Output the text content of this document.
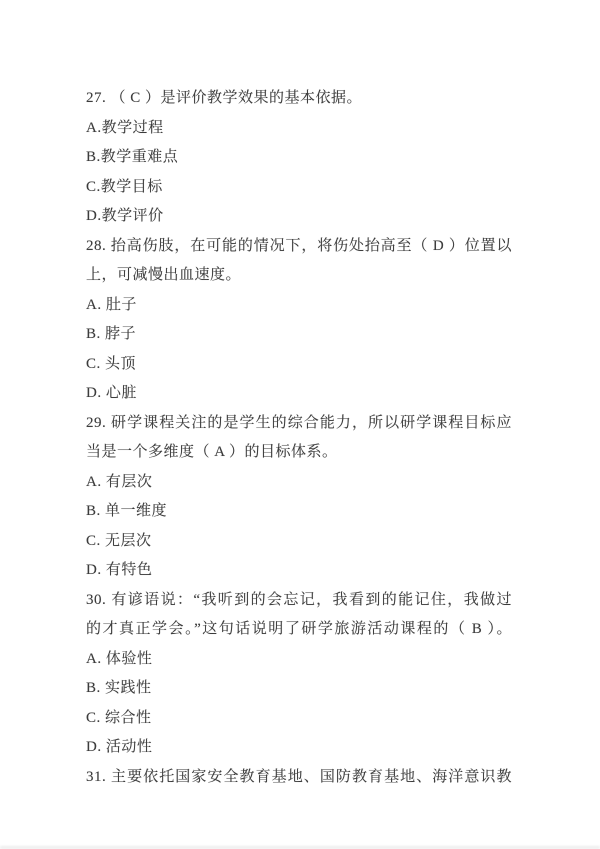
27. （ C ）是评价教学效果的基本依据。
A.教学过程
B.教学重难点
C.教学目标
D.教学评价
28. 抬高伤肢，在可能的情况下，将伤处抬高至（ D ）位置以
上，可减慢出血速度。
A. 肚子
B. 脖子
C. 头顶
D. 心脏
29. 研学课程关注的是学生的综合能力，所以研学课程目标应
当是一个多维度（ A ）的目标体系。
A. 有层次
B. 单一维度
C. 无层次
D. 有特色
30. 有谚语说：“我听到的会忘记，我看到的能记住，我做过
的才真正学会。”这句话说明了研学旅游活动课程的（ B ）。
A. 体验性
B. 实践性
C. 综合性
D. 活动性
31. 主要依托国家安全教育基地、国防教育基地、海洋意识教
